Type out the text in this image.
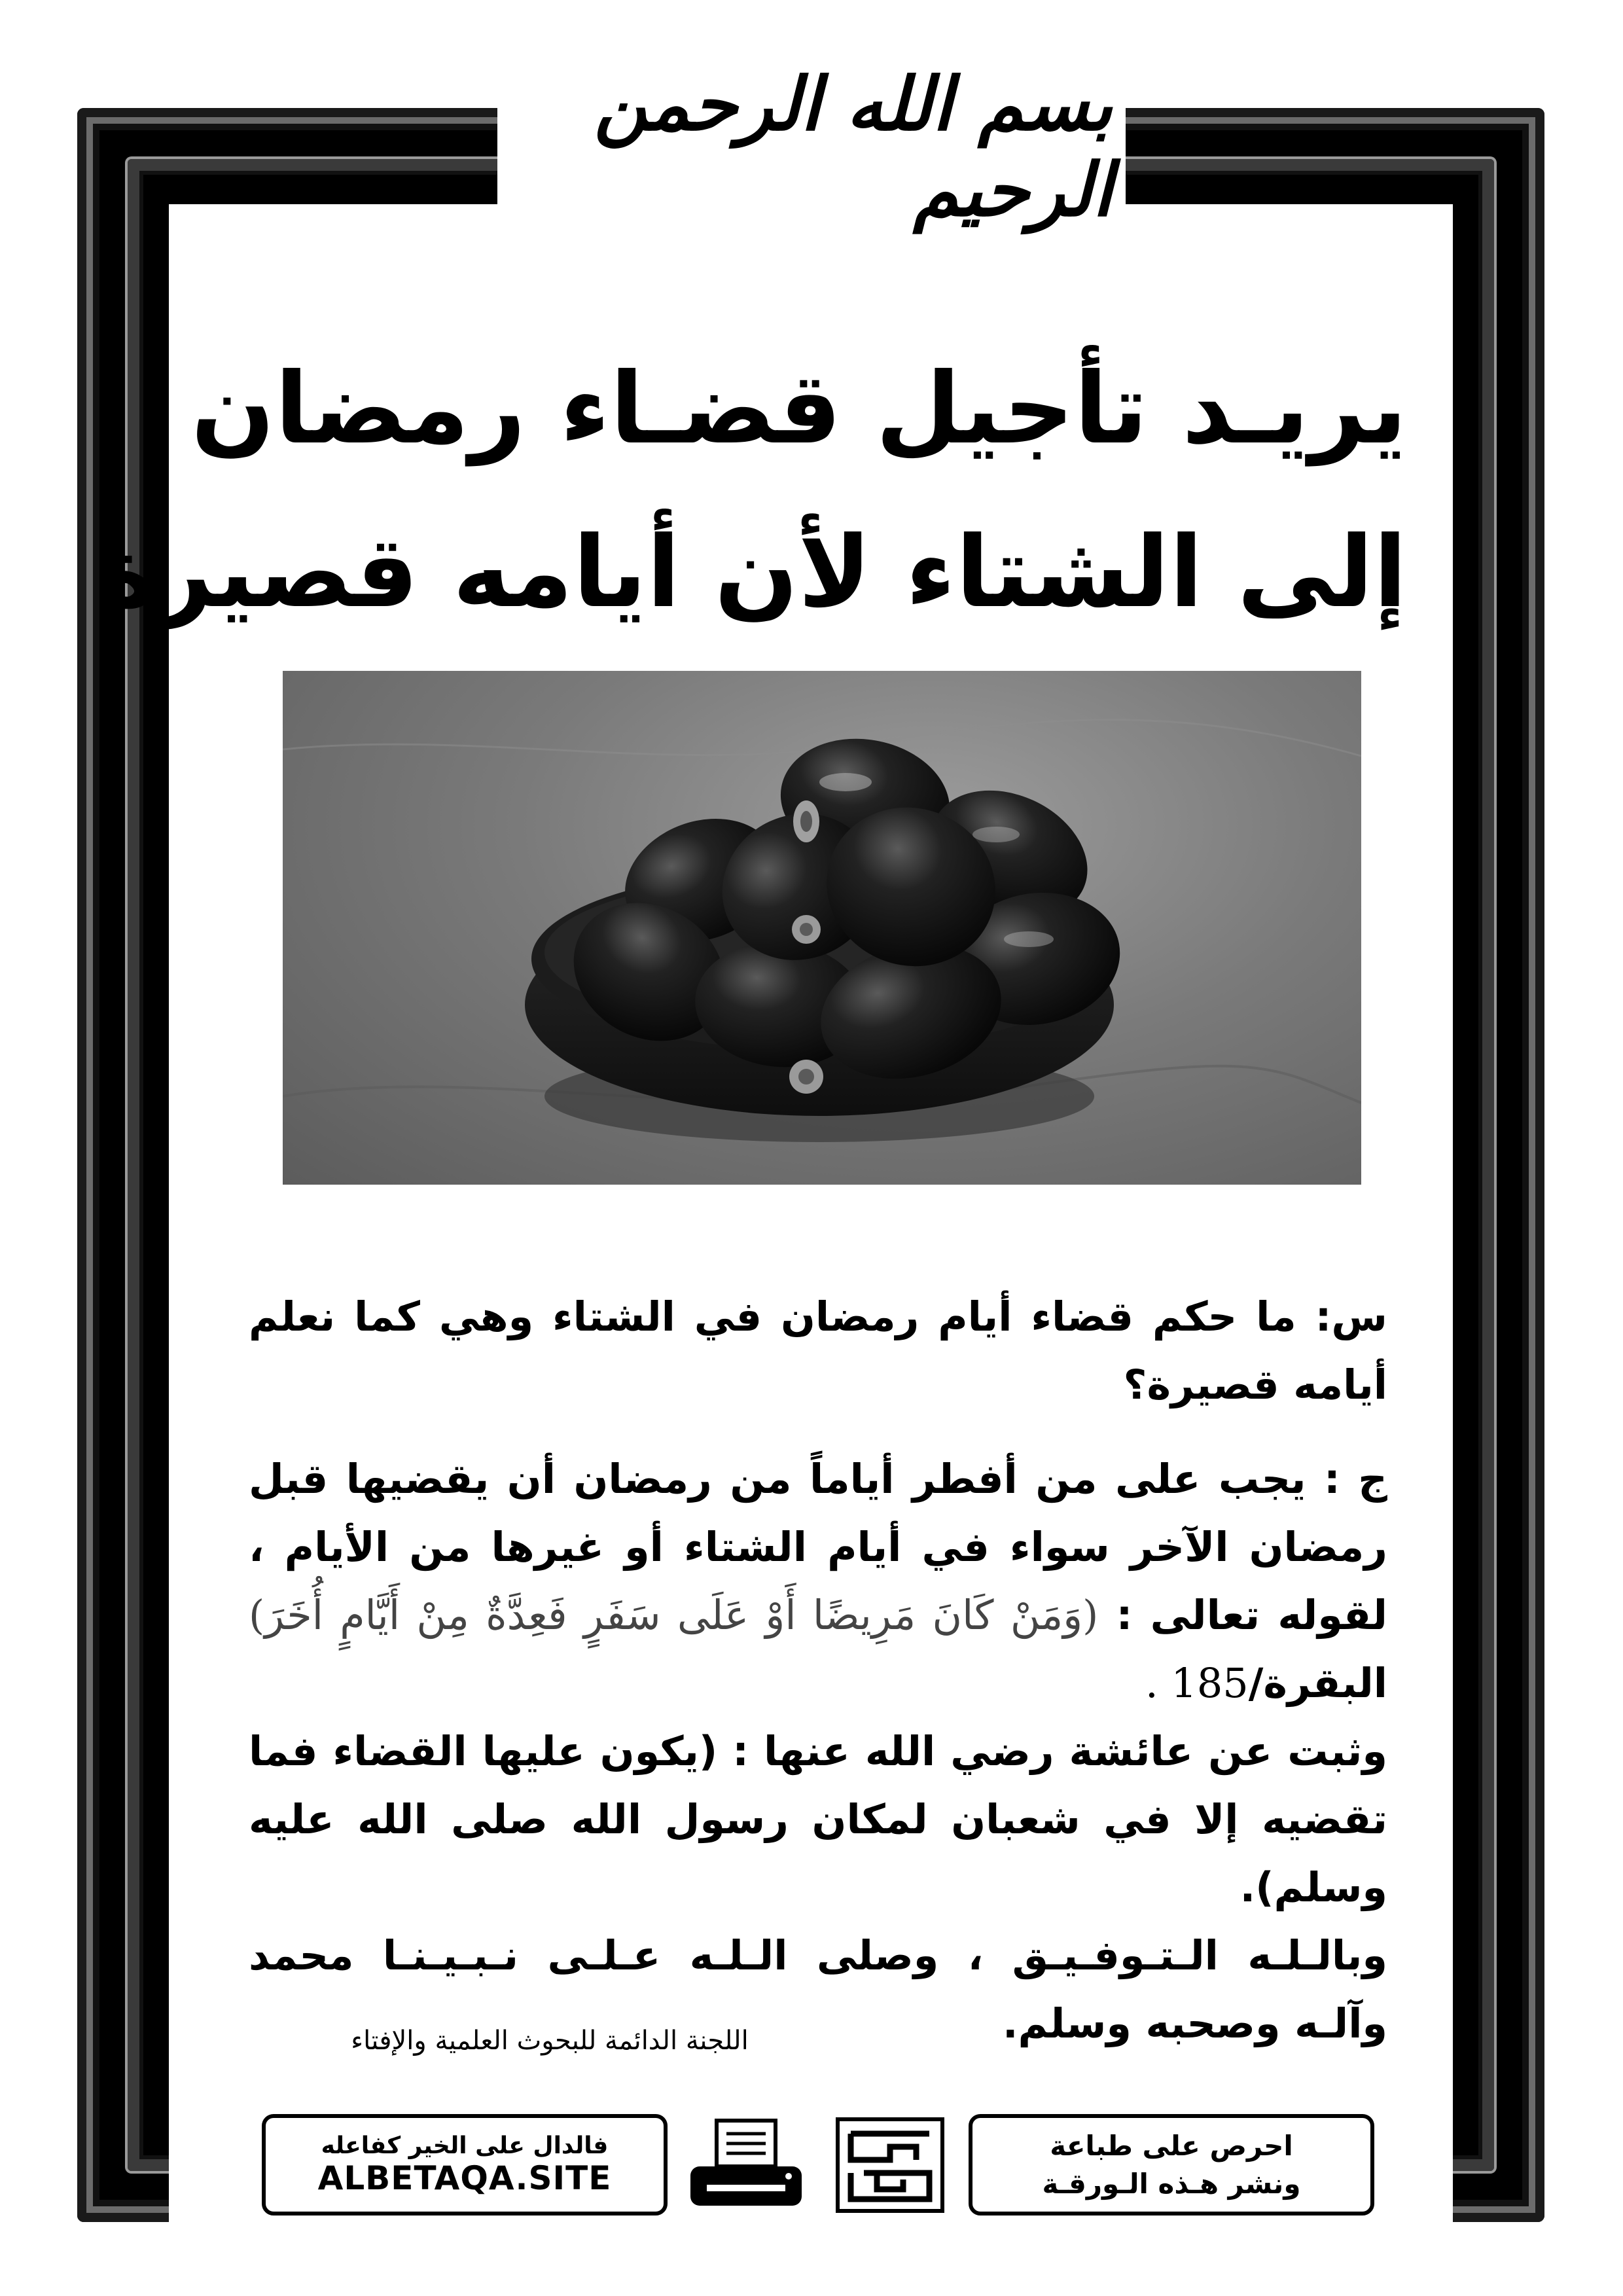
بسم الله الرحمن الرحيم
يريـد تأجيل قضـاء رمضان
إلى الشتاء لأن أيامه قصيرة

س: ما حكم قضاء أيام رمضان في الشتاء وهي كما نعلم أيامه قصيرة؟

ج : يجب على من أفطر أياماً من رمضان أن يقضيها قبل رمضان الآخر سواء في أيام الشتاء أو غيرها من الأيام ، لقوله تعالى : (وَمَنْ كَانَ مَرِيضًا أَوْ عَلَى سَفَرٍ فَعِدَّةٌ مِنْ أَيَّامٍ أُخَرَ) البقرة/185 .

وثبت عن عائشة رضي الله عنها : (يكون عليها القضاء فما تقضيه إلا في شعبان لمكان رسول الله صلى الله عليه وسلم).

وبالـلـه الـتـوفـيـق ، وصلى الـلـه عـلـى نـبـيـنـا محمد وآلـه وصحبه وسلم.

اللجنة الدائمة للبحوث العلمية والإفتاء
فالدال على الخير كفاعله
ALBETAQA.SITE
احرص على طباعة
ونشر هـذه الـورقـة
